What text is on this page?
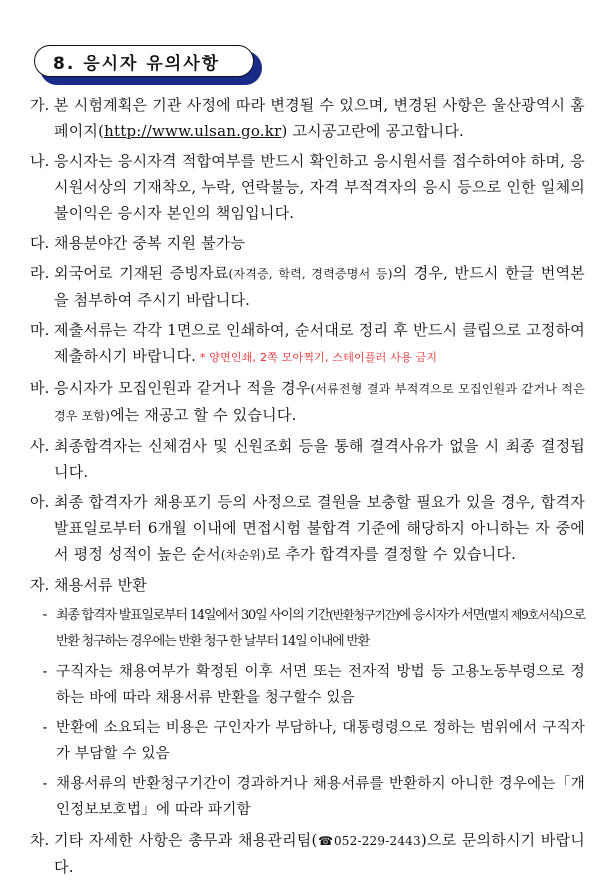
8. 응시자 유의사항
가. 본 시험계획은 기관 사정에 따라 변경될 수 있으며, 변경된 사항은 울산광역시 홈페이지(http://www.ulsan.go.kr) 고시공고란에 공고합니다.
나. 응시자는 응시자격 적합여부를 반드시 확인하고 응시원서를 접수하여야 하며, 응시원서상의 기재착오, 누락, 연락불능, 자격 부적격자의 응시 등으로 인한 일체의 불이익은 응시자 본인의 책임입니다.
다. 채용분야간 중복 지원 불가능
라. 외국어로 기재된 증빙자료(자격증, 학력, 경력증명서 등)의 경우, 반드시 한글 번역본을 첨부하여 주시기 바랍니다.
마. 제출서류는 각각 1면으로 인쇄하여, 순서대로 정리 후 반드시 클립으로 고정하여 제출하시기 바랍니다. * 양면인쇄, 2쪽 모아찍기, 스테이플러 사용 금지
바. 응시자가 모집인원과 같거나 적을 경우(서류전형 결과 부적격으로 모집인원과 같거나 적은 경우 포함)에는 재공고 할 수 있습니다.
사. 최종합격자는 신체검사 및 신원조회 등을 통해 결격사유가 없을 시 최종 결정됩니다.
아. 최종 합격자가 채용포기 등의 사정으로 결원을 보충할 필요가 있을 경우, 합격자 발표일로부터 6개월 이내에 면접시험 불합격 기준에 해당하지 아니하는 자 중에서 평정 성적이 높은 순서(차순위)로 추가 합격자를 결정할 수 있습니다.
자. 채용서류 반환
- 최종 합격자 발표일로부터 14일에서 30일 사이의 기간(반환청구기간)에 응시자가 서면(별지 제9호서식)으로 반환 청구하는 경우에는 반환 청구 한 날부터 14일 이내에 반환
- 구직자는 채용여부가 확정된 이후 서면 또는 전자적 방법 등 고용노동부령으로 정하는 바에 따라 채용서류 반환을 청구할수 있음
- 반환에 소요되는 비용은 구인자가 부담하나, 대통령령으로 정하는 범위에서 구직자가 부담할 수 있음
- 채용서류의 반환청구기간이 경과하거나 채용서류를 반환하지 아니한 경우에는「개인정보보호법」에 따라 파기함
차. 기타 자세한 사항은 총무과 채용관리팀(☎052-229-2443)으로 문의하시기 바랍니다.
